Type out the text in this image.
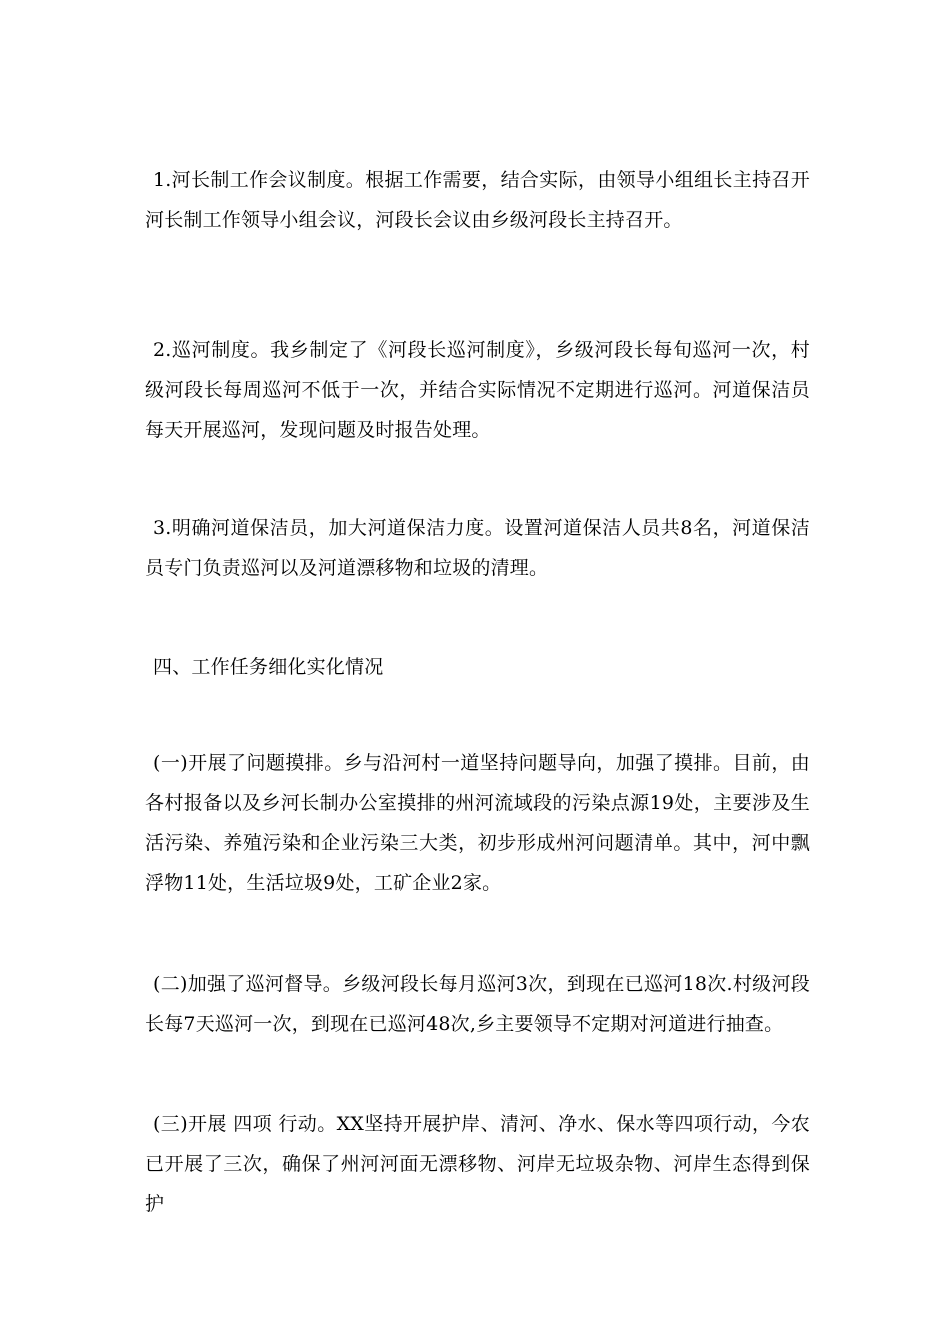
1.河长制工作会议制度。根据工作需要，结合实际，由领导小组组长主持召开河长制工作领导小组会议，河段长会议由乡级河段长主持召开。

2.巡河制度。我乡制定了《河段长巡河制度》，乡级河段长每旬巡河一次，村级河段长每周巡河不低于一次，并结合实际情况不定期进行巡河。河道保洁员每天开展巡河，发现问题及时报告处理。

3.明确河道保洁员，加大河道保洁力度。设置河道保洁人员共8名，河道保洁员专门负责巡河以及河道漂移物和垃圾的清理。

四、工作任务细化实化情况

(一)开展了问题摸排。乡与沿河村一道坚持问题导向，加强了摸排。目前，由各村报备以及乡河长制办公室摸排的州河流域段的污染点源19处，主要涉及生活污染、养殖污染和企业污染三大类，初步形成州河问题清单。其中，河中飘浮物11处，生活垃圾9处，工矿企业2家。

(二)加强了巡河督导。乡级河段长每月巡河3次，到现在已巡河18次.村级河段长每7天巡河一次，到现在已巡河48次,乡主要领导不定期对河道进行抽查。

(三)开展 四项 行动。XX坚持开展护岸、清河、净水、保水等四项行动，今农已开展了三次，确保了州河河面无漂移物、河岸无垃圾杂物、河岸生态得到保护
